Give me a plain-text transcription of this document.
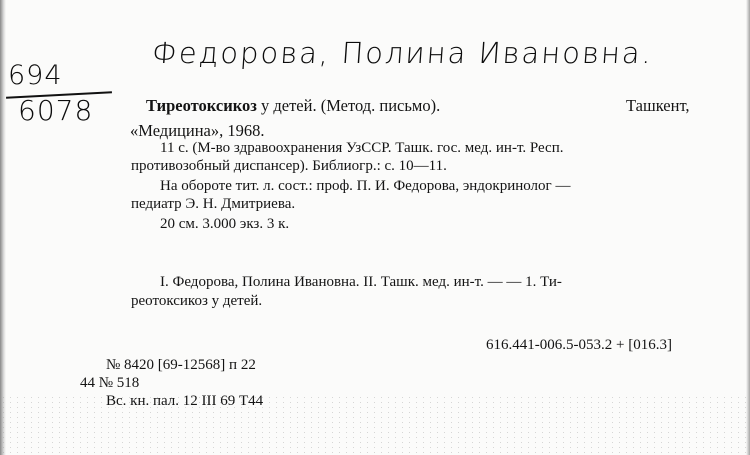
Федорова, Полина Ивановна.
694
6078	Тиреотоксикоз у детей. (Метод. письмо).	Ташкент,
«Медицина», 1968.
11 с. (М-во здравоохранения УзССР. Ташк. гос. мед. ин-т. Респ.
противозобный диспансер). Библиогр.: с. 10—11.
На обороте тит. л. сост.: проф. П. И. Федорова, эндокринолог —
педиатр Э. Н. Дмитриева.
20 см. 3.000 экз. 3 к.
I. Федорова, Полина Ивановна. II. Ташк. мед. ин-т. — — 1. Ти-
реотоксикоз у детей.
616.441-006.5-053.2 + [016.3]
№ 8420 [69-12568] п 22
44 № 518
Вс. кн. пал. 12 III 69 Т44
